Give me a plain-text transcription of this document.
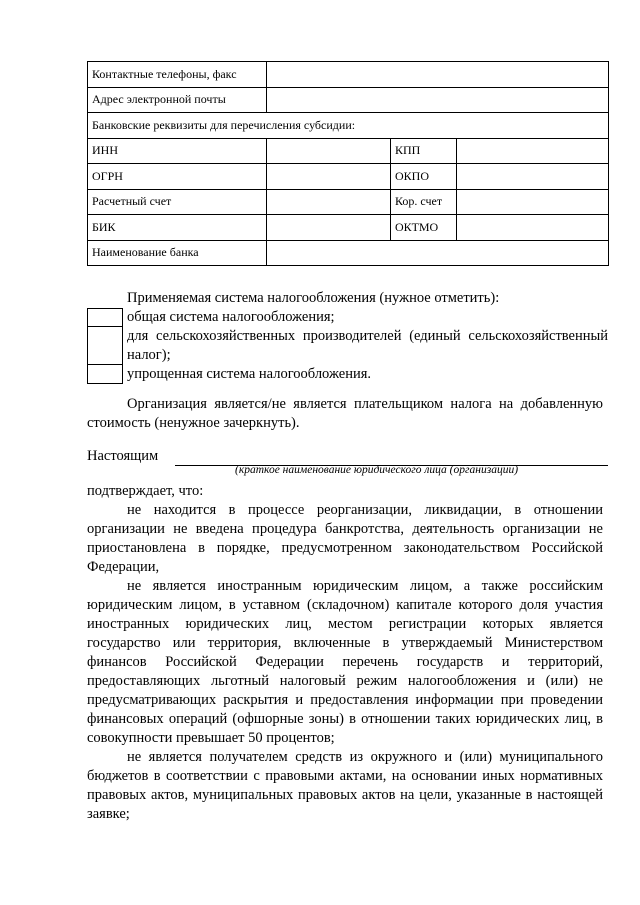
Контактные телефоны, факс			
Адрес электронной почты			
Банковские реквизиты для перечисления субсидии:			
ИНН		КПП	
ОГРН		ОКПО	
Расчетный счет		Кор. счет	
БИК		ОКТМО	
Наименование банка			
Применяемая система налогообложения (нужное отметить):
общая система налогообложения;
для сельскохозяйственных производителей (единый сельскохозяйственный налог);
упрощенная система налогообложения.

Организация является/не является плательщиком налога на добавленную стоимость (ненужное зачеркнуть).

Настоящим
(краткое наименование юридического лица (организации)

подтверждает, что:

не находится в процессе реорганизации, ликвидации, в отношении организации не введена процедура банкротства, деятельность организации не приостановлена в порядке, предусмотренном законодательством Российской Федерации,

не является иностранным юридическим лицом, а также российским юридическим лицом, в уставном (складочном) капитале которого доля участия иностранных юридических лиц, местом регистрации которых является государство или территория, включенные в утверждаемый Министерством финансов Российской Федерации перечень государств и территорий, предоставляющих льготный налоговый режим налогообложения и (или) не предусматривающих раскрытия и предоставления информации при проведении финансовых операций (офшорные зоны) в отношении таких юридических лиц, в совокупности превышает 50 процентов;

не является получателем средств из окружного и (или) муниципального бюджетов в соответствии с правовыми актами, на основании иных нормативных правовых актов, муниципальных правовых актов на цели, указанные в настоящей заявке;
